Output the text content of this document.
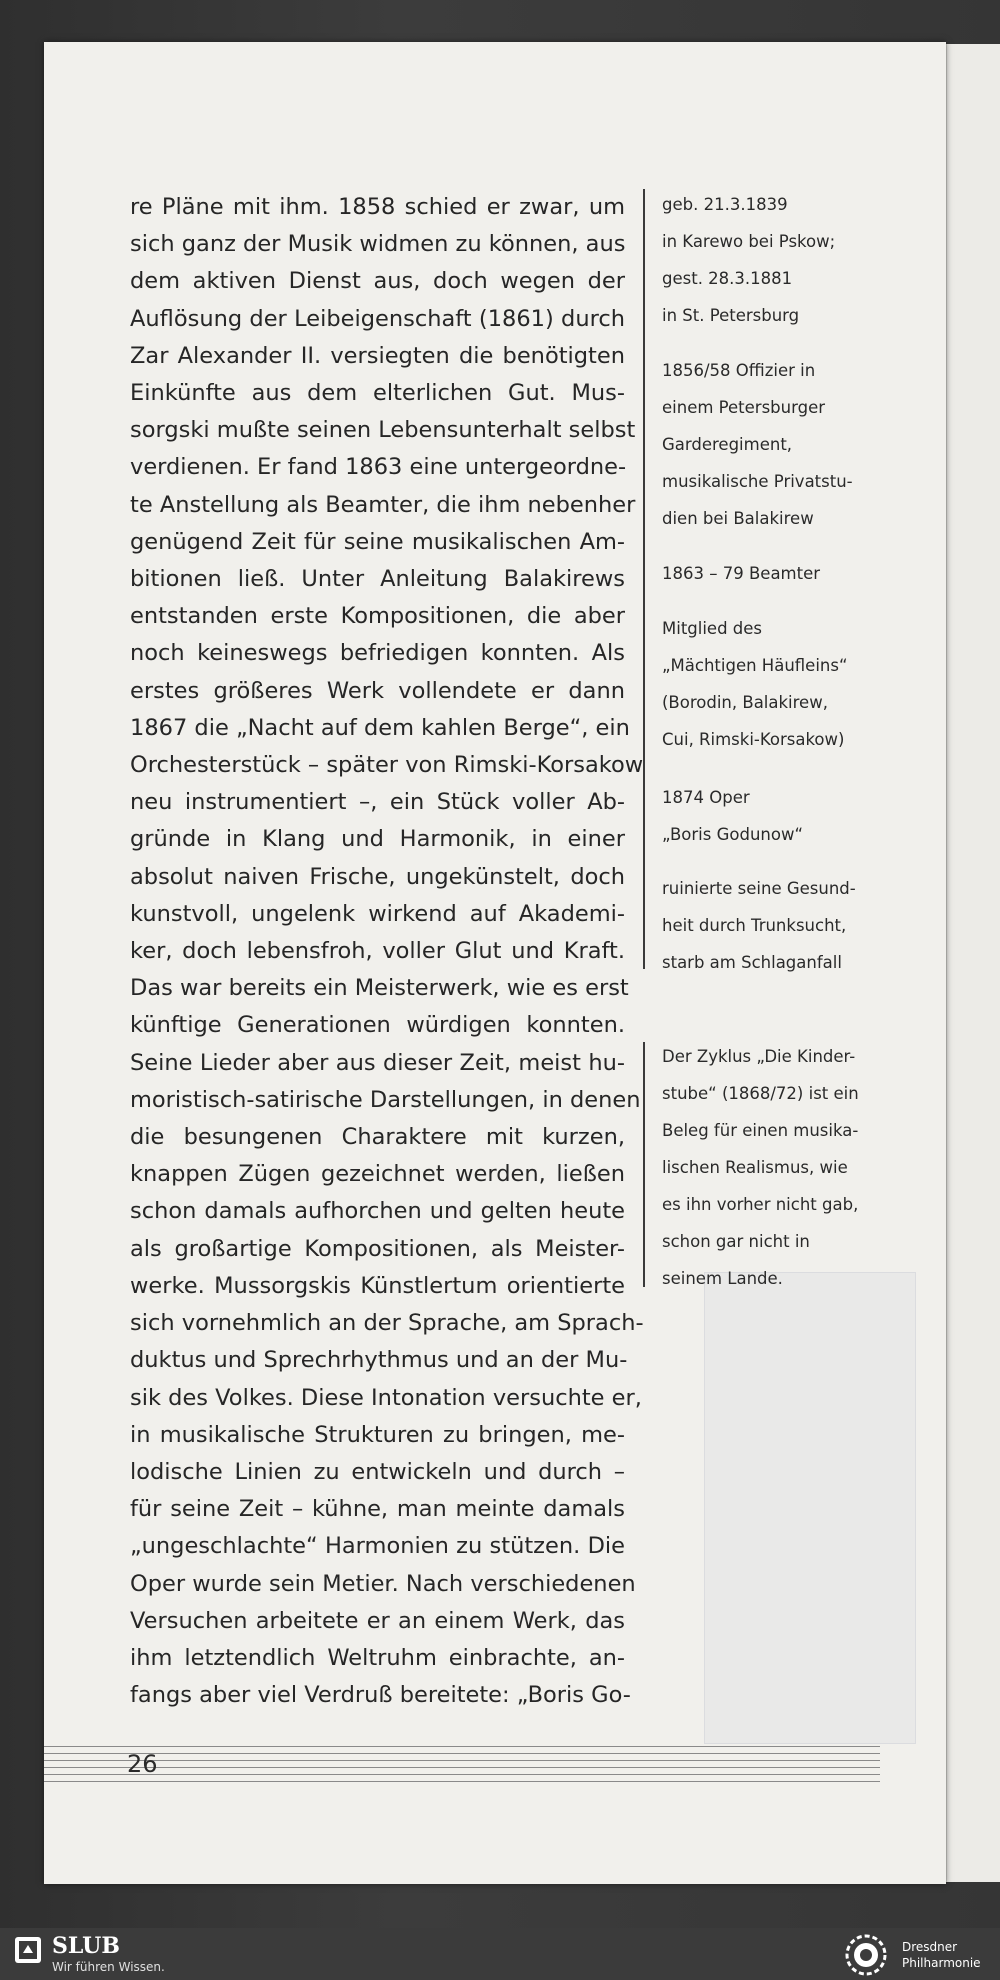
re Pläne mit ihm. 1858 schied er zwar, um
sich ganz der Musik widmen zu können, aus
dem aktiven Dienst aus, doch wegen der
Auflösung der Leibeigenschaft (1861) durch
Zar Alexander II. versiegten die benötigten
Einkünfte aus dem elterlichen Gut. Mus-
sorgski mußte seinen Lebensunterhalt selbst
verdienen. Er fand 1863 eine untergeordne-
te Anstellung als Beamter, die ihm nebenher
genügend Zeit für seine musikalischen Am-
bitionen ließ. Unter Anleitung Balakirews
entstanden erste Kompositionen, die aber
noch keineswegs befriedigen konnten. Als
erstes größeres Werk vollendete er dann
1867 die „Nacht auf dem kahlen Berge“, ein
Orchesterstück – später von Rimski-Korsakow
neu instrumentiert –, ein Stück voller Ab-
gründe in Klang und Harmonik, in einer
absolut naiven Frische, ungekünstelt, doch
kunstvoll, ungelenk wirkend auf Akademi-
ker, doch lebensfroh, voller Glut und Kraft.
Das war bereits ein Meisterwerk, wie es erst
künftige Generationen würdigen konnten.
Seine Lieder aber aus dieser Zeit, meist hu-
moristisch-satirische Darstellungen, in denen
die besungenen Charaktere mit kurzen,
knappen Zügen gezeichnet werden, ließen
schon damals aufhorchen und gelten heute
als großartige Kompositionen, als Meister-
werke. Mussorgskis Künstlertum orientierte
sich vornehmlich an der Sprache, am Sprach-
duktus und Sprechrhythmus und an der Mu-
sik des Volkes. Diese Intonation versuchte er,
in musikalische Strukturen zu bringen, me-
lodische Linien zu entwickeln und durch –
für seine Zeit – kühne, man meinte damals
„ungeschlachte“ Harmonien zu stützen. Die
Oper wurde sein Metier. Nach verschiedenen
Versuchen arbeitete er an einem Werk, das
ihm letztendlich Weltruhm einbrachte, an-
fangs aber viel Verdruß bereitete: „Boris Go-
geb. 21.3.1839
in Karewo bei Pskow;
gest. 28.3.1881
in St. Petersburg
1856/58 Offizier in
einem Petersburger
Garderegiment,
musikalische Privatstu-
dien bei Balakirew
1863 – 79 Beamter
Mitglied des
„Mächtigen Häufleins“
(Borodin, Balakirew,
Cui, Rimski-Korsakow)
1874 Oper
„Boris Godunow“
ruinierte seine Gesund-
heit durch Trunksucht,
starb am Schlaganfall
Der Zyklus „Die Kinder-
stube“ (1868/72) ist ein
Beleg für einen musika-
lischen Realismus, wie
es ihn vorher nicht gab,
schon gar nicht in
seinem Lande.
26
SLUB
Wir führen Wissen.
Dresdner
Philharmonie
